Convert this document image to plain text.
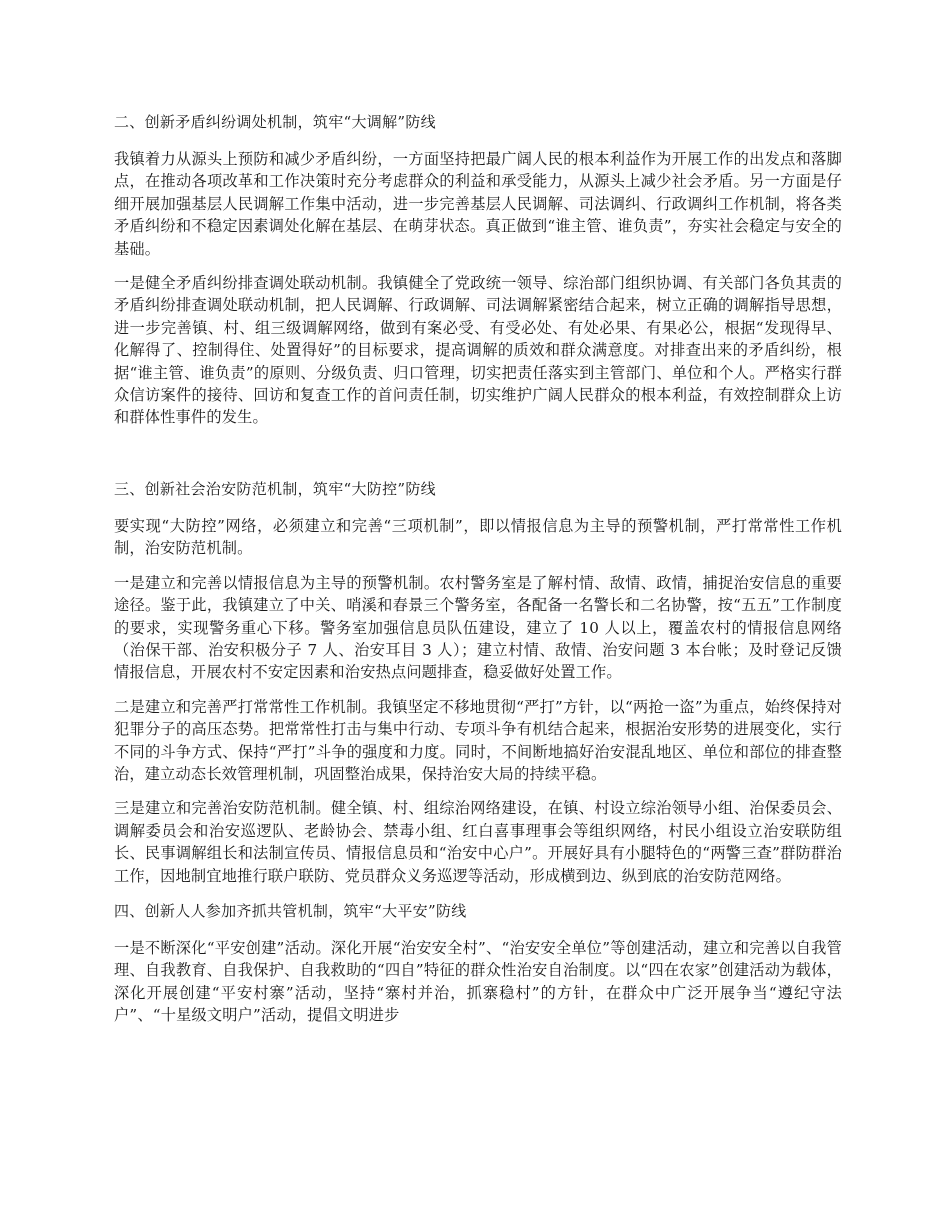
二、创新矛盾纠纷调处机制，筑牢“大调解”防线

我镇着力从源头上预防和减少矛盾纠纷，一方面坚持把最广阔人民的根本利益作为开展工作的出发点和落脚点，在推动各项改革和工作决策时充分考虑群众的利益和承受能力，从源头上减少社会矛盾。另一方面是仔细开展加强基层人民调解工作集中活动，进一步完善基层人民调解、司法调纠、行政调纠工作机制，将各类矛盾纠纷和不稳定因素调处化解在基层、在萌芽状态。真正做到“谁主管、谁负责”，夯实社会稳定与安全的基础。

一是健全矛盾纠纷排查调处联动机制。我镇健全了党政统一领导、综治部门组织协调、有关部门各负其责的矛盾纠纷排查调处联动机制，把人民调解、行政调解、司法调解紧密结合起来，树立正确的调解指导思想，进一步完善镇、村、组三级调解网络，做到有案必受、有受必处、有处必果、有果必公，根据“发现得早、化解得了、控制得住、处置得好”的目标要求，提高调解的质效和群众满意度。对排查出来的矛盾纠纷，根据“谁主管、谁负责”的原则、分级负责、归口管理，切实把责任落实到主管部门、单位和个人。严格实行群众信访案件的接待、回访和复查工作的首问责任制，切实维护广阔人民群众的根本利益，有效控制群众上访和群体性事件的发生。

三、创新社会治安防范机制，筑牢“大防控”防线

要实现“大防控”网络，必须建立和完善“三项机制”，即以情报信息为主导的预警机制，严打常常性工作机制，治安防范机制。

一是建立和完善以情报信息为主导的预警机制。农村警务室是了解村情、敌情、政情，捕捉治安信息的重要途径。鉴于此，我镇建立了中关、哨溪和春景三个警务室，各配备一名警长和二名协警，按“五五”工作制度的要求，实现警务重心下移。警务室加强信息员队伍建设，建立了 10 人以上，覆盖农村的情报信息网络（治保干部、治安积极分子 7 人、治安耳目 3 人）；建立村情、敌情、治安问题 3 本台帐；及时登记反馈情报信息，开展农村不安定因素和治安热点问题排查，稳妥做好处置工作。

二是建立和完善严打常常性工作机制。我镇坚定不移地贯彻“严打”方针，以“两抢一盗”为重点，始终保持对犯罪分子的高压态势。把常常性打击与集中行动、专项斗争有机结合起来，根据治安形势的进展变化，实行不同的斗争方式、保持“严打”斗争的强度和力度。同时，不间断地搞好治安混乱地区、单位和部位的排查整治，建立动态长效管理机制，巩固整治成果，保持治安大局的持续平稳。

三是建立和完善治安防范机制。健全镇、村、组综治网络建设，在镇、村设立综治领导小组、治保委员会、调解委员会和治安巡逻队、老龄协会、禁毒小组、红白喜事理事会等组织网络，村民小组设立治安联防组长、民事调解组长和法制宣传员、情报信息员和“治安中心户”。开展好具有小腿特色的“两警三查”群防群治工作，因地制宜地推行联户联防、党员群众义务巡逻等活动，形成横到边、纵到底的治安防范网络。

四、创新人人参加齐抓共管机制，筑牢“大平安”防线

一是不断深化“平安创建”活动。深化开展“治安安全村”、“治安安全单位”等创建活动，建立和完善以自我管理、自我教育、自我保护、自我救助的“四自”特征的群众性治安自治制度。以“四在农家”创建活动为载体，深化开展创建“平安村寨”活动，坚持“寨村并治，抓寨稳村”的方针，在群众中广泛开展争当“遵纪守法户”、“十星级文明户”活动，提倡文明进步
